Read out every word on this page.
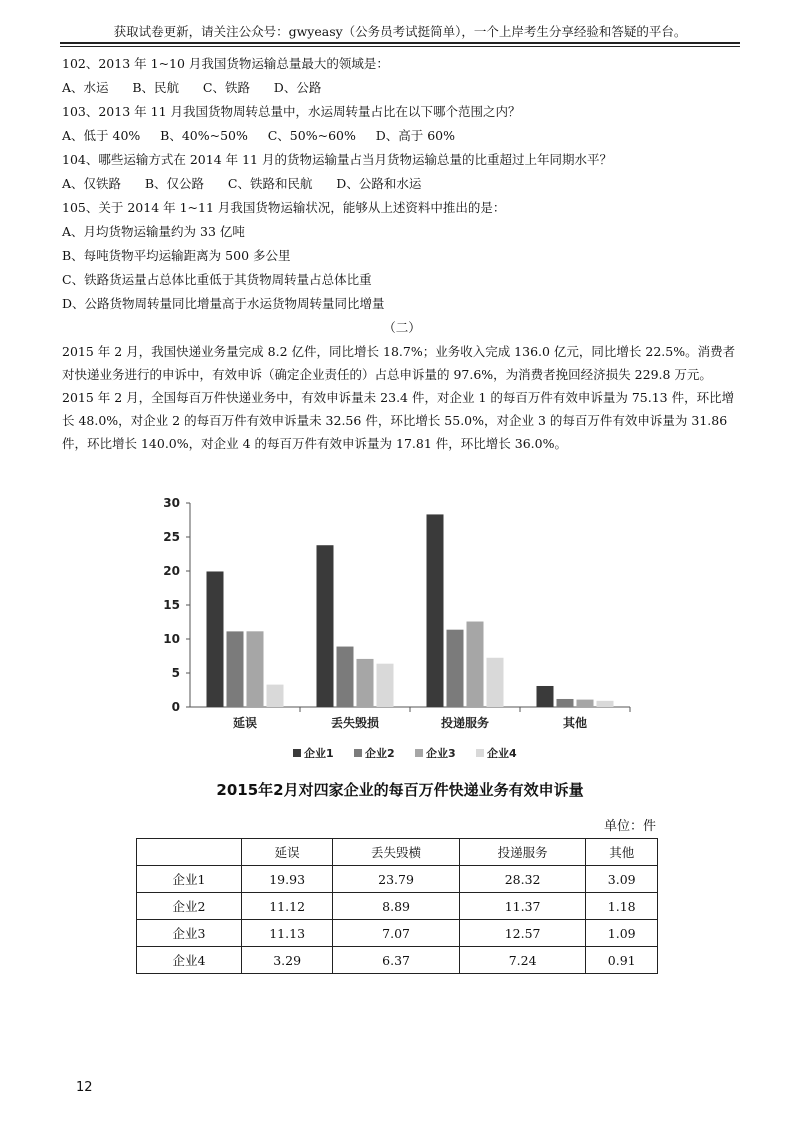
获取试卷更新，请关注公众号：gwyeasy（公务员考试挺简单），一个上岸考生分享经验和答疑的平台。

102、2013 年 1~10 月我国货物运输总量最大的领域是：

A、水运      B、民航      C、铁路      D、公路

103、2013 年 11 月我国货物周转总量中，水运周转量占比在以下哪个范围之内？

A、低于 40%     B、40%~50%     C、50%~60%     D、高于 60%

104、哪些运输方式在 2014 年 11 月的货物运输量占当月货物运输总量的比重超过上年同期水平？

A、仅铁路      B、仅公路      C、铁路和民航      D、公路和水运

105、关于 2014 年 1~11 月我国货物运输状况，能够从上述资料中推出的是：

A、月均货物运输量约为 33 亿吨

B、每吨货物平均运输距离为 500 多公里

C、铁路货运量占总体比重低于其货物周转量占总体比重

D、公路货物周转量同比增量高于水运货物周转量同比增量

（二）

2015 年 2 月，我国快递业务量完成 8.2 亿件，同比增长 18.7%；业务收入完成 136.0 亿元，同比增长 22.5%。消费者对快递业务进行的申诉中，有效申诉（确定企业责任的）占总申诉量的 97.6%，为消费者挽回经济损失 229.8 万元。

2015 年 2 月，全国每百万件快递业务中，有效申诉量未 23.4 件，对企业 1 的每百万件有效申诉量为 75.13 件，环比增长 48.0%，对企业 2 的每百万件有效申诉量未 32.56 件，环比增长 55.0%，对企业 3 的每百万件有效申诉量为 31.86 件，环比增长 140.0%，对企业 4 的每百万件有效申诉量为 17.81 件，环比增长 36.0%。

0
5
10
15
20
25
30
延误	丢失毁损	投递服务	其他
企业1	企业2	企业3	企业4
2015年2月对四家企业的每百万件快递业务有效申诉量
单位：件
	延误	丢失毁横	投递服务	其他
企业1	19.93	23.79	28.32	3.09
企业2	11.12	8.89	11.37	1.18
企业3	11.13	7.07	12.57	1.09
企业4	3.29	6.37	7.24	0.91
12
